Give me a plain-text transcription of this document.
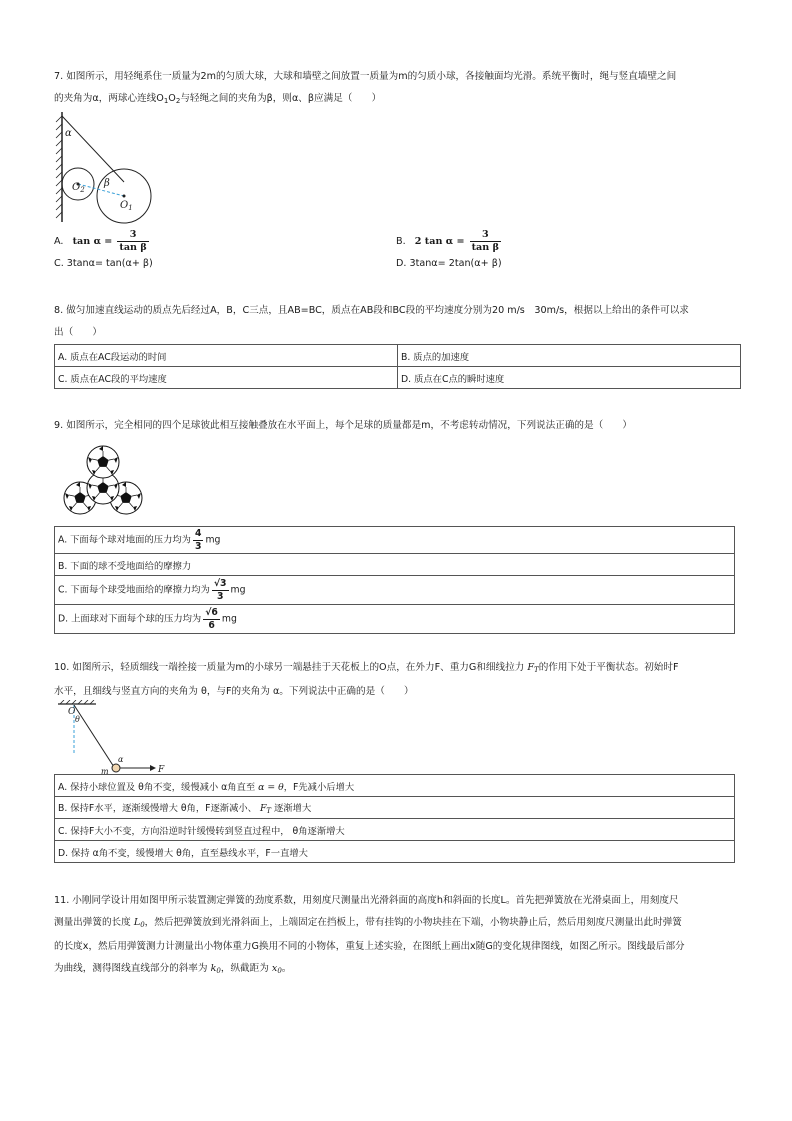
7. 如图所示，用轻绳系住一质量为2m的匀质大球，大球和墙壁之间放置一质量为m的匀质小球，各接触面均光滑。系统平衡时，绳与竖直墙壁之间

的夹角为α，两球心连线$O_1O_2$与轻绳之间的夹角为β，则α、β应满足（　　）

α
β
$O_2$
$O_1$
A. $\tan \alpha = \frac{3}{\text{tan β}}$	B. 2 $\tan \alpha = \frac{3}{\text{tan β}}$
C. 3tanα= tan(α+ β)	D. 3tanα= 2tan(α+ β)

8. 做匀加速直线运动的质点先后经过A，B，C三点，且AB=BC，质点在AB段和BC段的平均速度分别为20 m/s　30m/s，根据以上给出的条件可以求

出（　　）

A. 质点在AC段运动的时间	B. 质点的加速度
C. 质点在AC段的平均速度	D. 质点在C点的瞬时速度

9. 如图所示，完全相同的四个足球彼此相互接触叠放在水平面上，每个足球的质量都是m，不考虑转动情况，下列说法正确的是（　　）

A. 下面每个球对地面的压力均为 $\frac{4}{3}$ mg
B. 下面的球不受地面给的摩擦力
C. 下面每个球受地面给的摩擦力均为 $\frac{√3}{3}$ mg
D. 上面球对下面每个球的压力均为 $\frac{√6}{6}$ mg

10. 如图所示，轻质细线一端拴接一质量为m的小球另一端悬挂于天花板上的O点，在外力F、重力G和细线拉力 $F_T$的作用下处于平衡状态。初始时F

水平，且细线与竖直方向的夹角为 θ，与F的夹角为 α。下列说法中正确的是（　　）

O
θ
α
m	F
A. 保持小球位置及 θ角不变，缓慢减小 α角直至 α = θ，F先减小后增大
B. 保持F水平，逐渐缓慢增大 θ角，F逐渐减小、 $F_T$ 逐渐增大
C. 保持F大小不变，方向沿逆时针缓慢转到竖直过程中， θ角逐渐增大
D. 保持 α角不变，缓慢增大 θ角，直至悬线水平，F一直增大

11. 小刚同学设计用如图甲所示装置测定弹簧的劲度系数，用刻度尺测量出光滑斜面的高度h和斜面的长度L。首先把弹簧放在光滑桌面上，用刻度尺

测量出弹簧的长度 $L_0$，然后把弹簧放到光滑斜面上，上端固定在挡板上，带有挂钩的小物块挂在下端，小物块静止后，然后用刻度尺测量出此时弹簧

的长度x，然后用弹簧测力计测量出小物体重力G换用不同的小物体，重复上述实验，在图纸上画出x随G的变化规律图线，如图乙所示。图线最后部分

为曲线，测得图线直线部分的斜率为 $k_0$，纵截距为 $x_0$。
